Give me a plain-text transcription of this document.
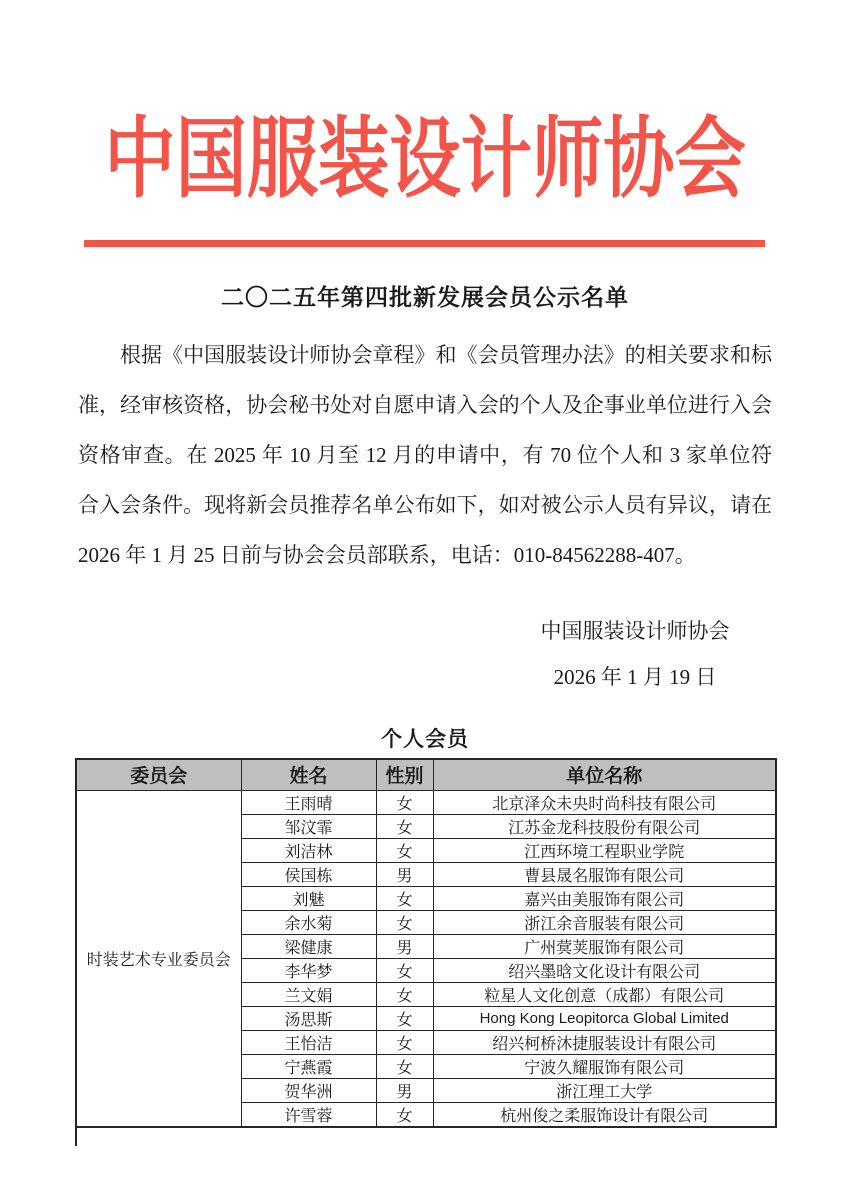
中国服装设计师协会
二〇二五年第四批新发展会员公示名单

根据《中国服装设计师协会章程》和《会员管理办法》的相关要求和标

准，经审核资格，协会秘书处对自愿申请入会的个人及企事业单位进行入会

资格审查。在 2025 年 10 月至 12 月的申请中，有 70 位个人和 3 家单位符

合入会条件。现将新会员推荐名单公布如下，如对被公示人员有异议，请在

2026 年 1 月 25 日前与协会会员部联系，电话：010-84562288-407。

中国服装设计师协会
2026 年 1 月 19 日
个人会员
委员会	姓名	性别	单位名称
时装艺术专业委员会	王雨晴	女	北京泽众未央时尚科技有限公司
	邹汶霏	女	江苏金龙科技股份有限公司
	刘洁林	女	江西环境工程职业学院
	侯国栋	男	曹县晟名服饰有限公司
	刘魅	女	嘉兴由美服饰有限公司
	余水菊	女	浙江余音服装有限公司
	梁健康	男	广州蓂荚服饰有限公司
	李华梦	女	绍兴墨晗文化设计有限公司
	兰文娟	女	粒星人文化创意（成都）有限公司
	汤思斯	女	Hong Kong Leopitorca Global Limited
	王怡洁	女	绍兴柯桥沐捷服装设计有限公司
	宁燕霞	女	宁波久耀服饰有限公司
	贺华洲	男	浙江理工大学
	许雪蓉	女	杭州俊之柔服饰设计有限公司
